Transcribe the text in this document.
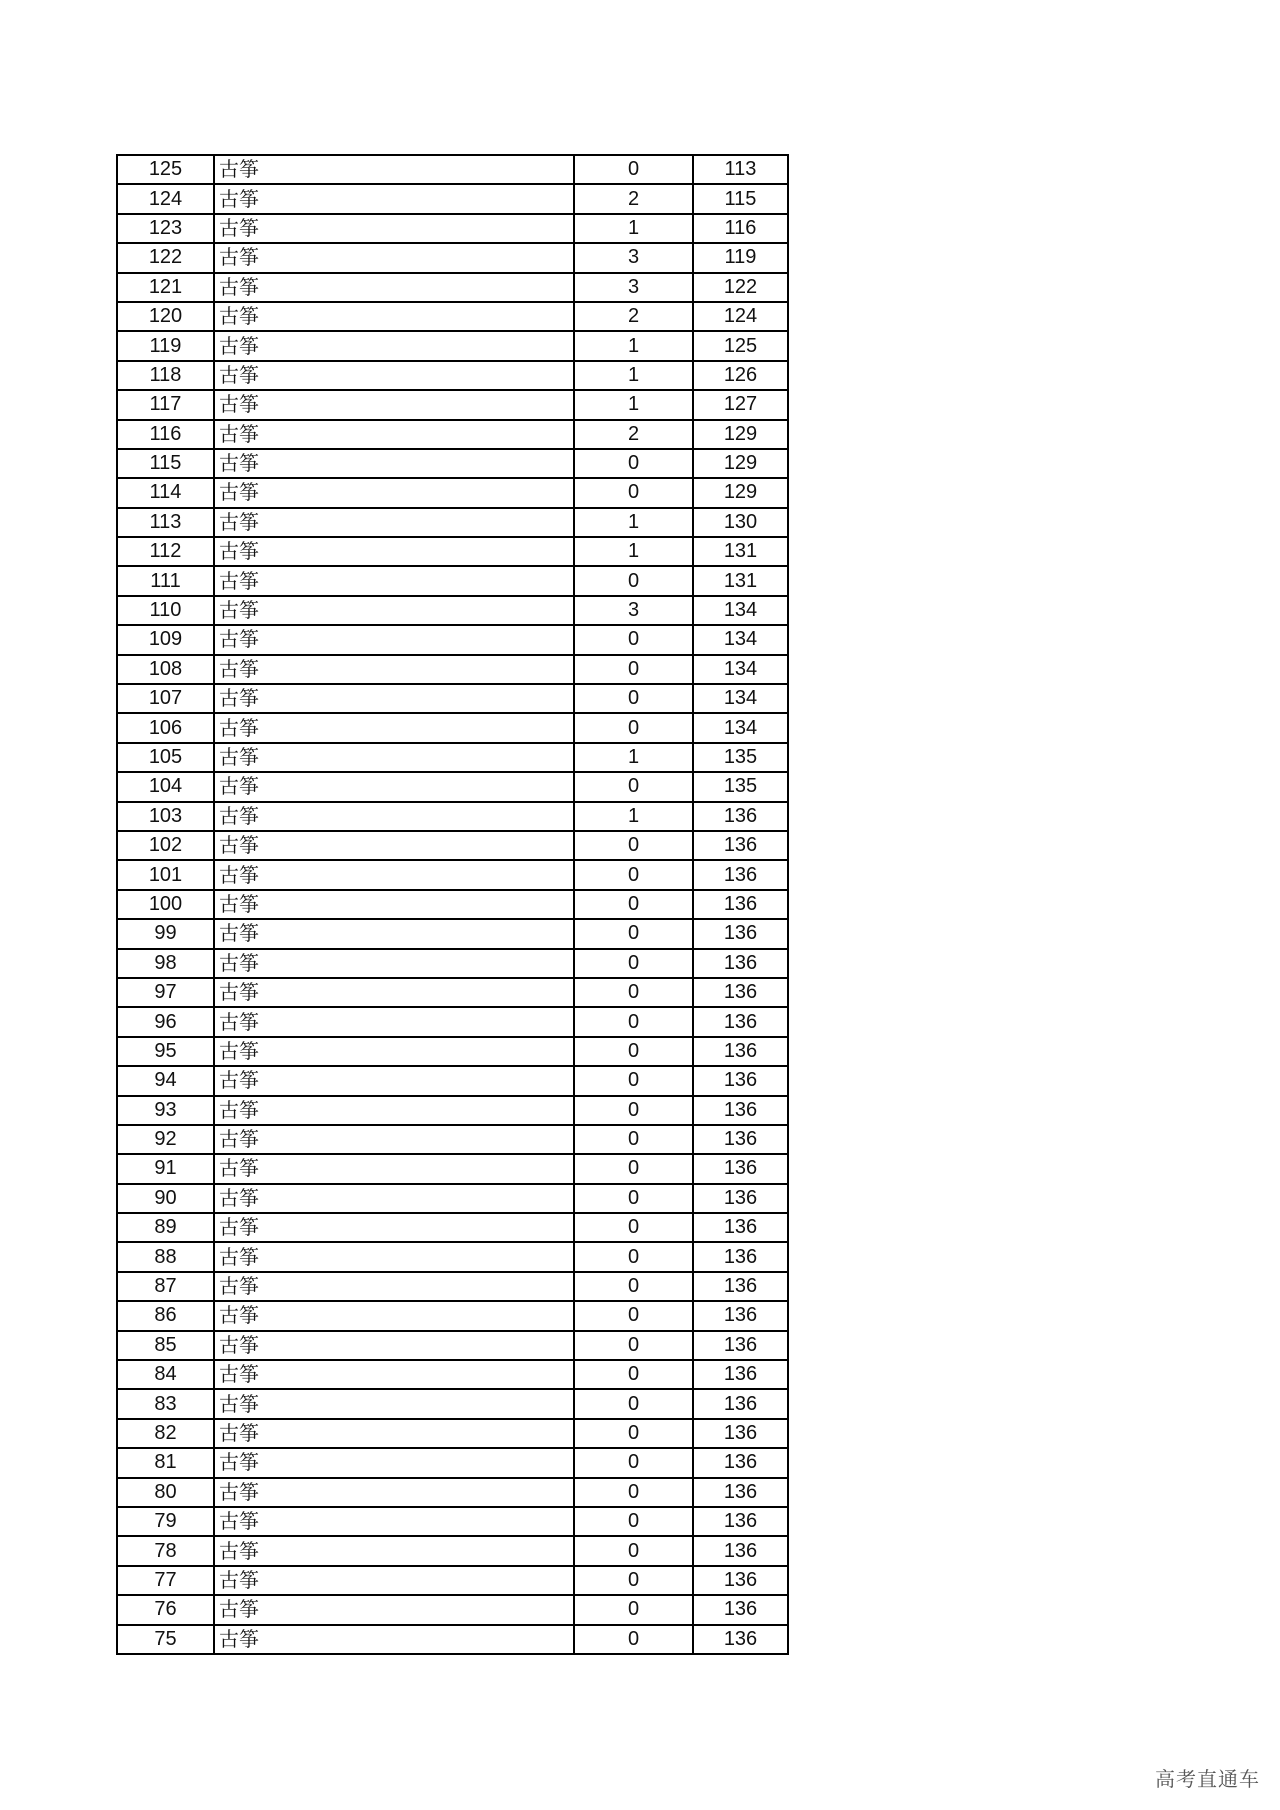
125	古筝	0	113
124	古筝	2	115
123	古筝	1	116
122	古筝	3	119
121	古筝	3	122
120	古筝	2	124
119	古筝	1	125
118	古筝	1	126
117	古筝	1	127
116	古筝	2	129
115	古筝	0	129
114	古筝	0	129
113	古筝	1	130
112	古筝	1	131
111	古筝	0	131
110	古筝	3	134
109	古筝	0	134
108	古筝	0	134
107	古筝	0	134
106	古筝	0	134
105	古筝	1	135
104	古筝	0	135
103	古筝	1	136
102	古筝	0	136
101	古筝	0	136
100	古筝	0	136
99	古筝	0	136
98	古筝	0	136
97	古筝	0	136
96	古筝	0	136
95	古筝	0	136
94	古筝	0	136
93	古筝	0	136
92	古筝	0	136
91	古筝	0	136
90	古筝	0	136
89	古筝	0	136
88	古筝	0	136
87	古筝	0	136
86	古筝	0	136
85	古筝	0	136
84	古筝	0	136
83	古筝	0	136
82	古筝	0	136
81	古筝	0	136
80	古筝	0	136
79	古筝	0	136
78	古筝	0	136
77	古筝	0	136
76	古筝	0	136
75	古筝	0	136
高考直通车
